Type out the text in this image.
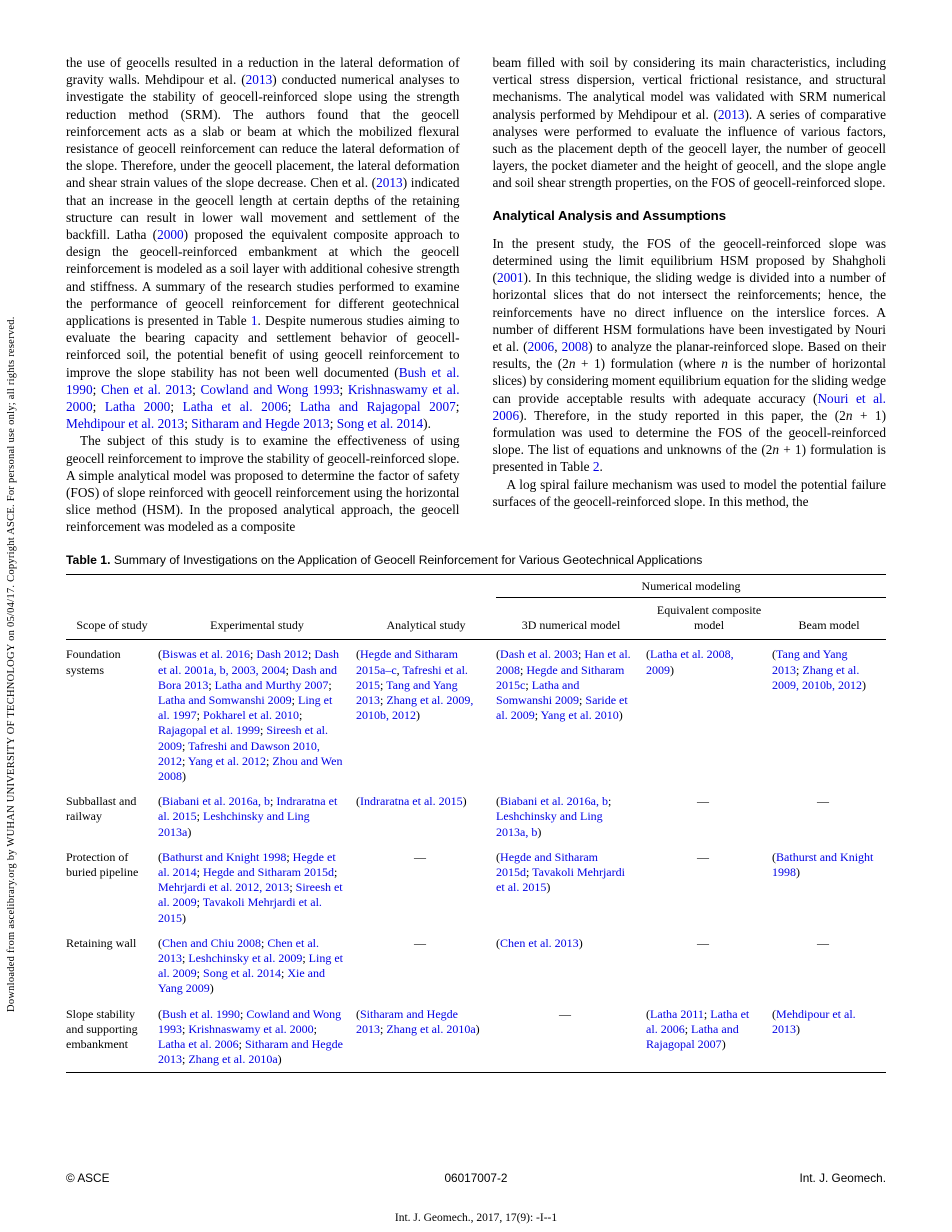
Downloaded from ascelibrary.org by WUHAN UNIVERSITY OF TECHNOLOGY on 05/04/17. Copyright ASCE. For personal use only; all rights reserved.

the use of geocells resulted in a reduction in the lateral deformation of gravity walls. Mehdipour et al. (2013) conducted numerical analyses to investigate the stability of geocell-reinforced slope using the strength reduction method (SRM). The authors found that the geocell reinforcement acts as a slab or beam at which the mobilized flexural resistance of geocell reinforcement can reduce the lateral deformation of the slope. Therefore, under the geocell placement, the lateral deformation and shear strain values of the slope decrease. Chen et al. (2013) indicated that an increase in the geocell length at certain depths of the retaining structure can result in lower wall movement and settlement of the backfill. Latha (2000) proposed the equivalent composite approach to design the geocell-reinforced embankment at which the geocell reinforcement is modeled as a soil layer with additional cohesive strength and stiffness. A summary of the research studies performed to examine the performance of geocell reinforcement for different geotechnical applications is presented in Table 1. Despite numerous studies aiming to evaluate the bearing capacity and settlement behavior of geocell-reinforced soil, the potential benefit of using geocell reinforcement to improve the slope stability has not been well documented (Bush et al. 1990; Chen et al. 2013; Cowland and Wong 1993; Krishnaswamy et al. 2000; Latha 2000; Latha et al. 2006; Latha and Rajagopal 2007; Mehdipour et al. 2013; Sitharam and Hegde 2013; Song et al. 2014).

The subject of this study is to examine the effectiveness of using geocell reinforcement to improve the stability of geocell-reinforced slope. A simple analytical model was proposed to determine the factor of safety (FOS) of slope reinforced with geocell reinforcement using the horizontal slice method (HSM). In the proposed analytical approach, the geocell reinforcement was modeled as a composite

beam filled with soil by considering its main characteristics, including vertical stress dispersion, vertical frictional resistance, and structural mechanisms. The analytical model was validated with SRM numerical analysis performed by Mehdipour et al. (2013). A series of comparative analyses were performed to evaluate the influence of various factors, such as the placement depth of the geocell layer, the number of geocell layers, the pocket diameter and the height of geocell, and the slope angle and soil shear strength properties, on the FOS of geocell-reinforced slope.

Analytical Analysis and Assumptions

In the present study, the FOS of the geocell-reinforced slope was determined using the limit equilibrium HSM proposed by Shahgholi (2001). In this technique, the sliding wedge is divided into a number of horizontal slices that do not intersect the reinforcements; hence, the reinforcements have no direct influence on the interslice forces. A number of different HSM formulations have been investigated by Nouri et al. (2006, 2008) to analyze the planar-reinforced slope. Based on their results, the (2n + 1) formulation (where n is the number of horizontal slices) by considering moment equilibrium equation for the sliding wedge can provide acceptable results with adequate accuracy (Nouri et al. 2006). Therefore, in the study reported in this paper, the (2n + 1) formulation was used to determine the FOS of the geocell-reinforced slope. The list of equations and unknowns of the (2n + 1) formulation is presented in Table 2.

A log spiral failure mechanism was used to model the potential failure surfaces of the geocell-reinforced slope. In this method, the

Table 1. Summary of Investigations on the Application of Geocell Reinforcement for Various Geotechnical Applications
			Numerical modeling		
Scope of study	Experimental study	Analytical study	3D numerical model	Equivalent composite model	Beam model
Foundation systems	(Biswas et al. 2016; Dash 2012; Dash et al. 2001a, b, 2003, 2004; Dash and Bora 2013; Latha and Murthy 2007; Latha and Somwanshi 2009; Ling et al. 1997; Pokharel et al. 2010; Rajagopal et al. 1999; Sireesh et al. 2009; Tafreshi and Dawson 2010, 2012; Yang et al. 2012; Zhou and Wen 2008)	(Hegde and Sitharam 2015a–c, Tafreshi et al. 2015; Tang and Yang 2013; Zhang et al. 2009, 2010b, 2012)	(Dash et al. 2003; Han et al. 2008; Hegde and Sitharam 2015c; Latha and Somwanshi 2009; Saride et al. 2009; Yang et al. 2010)	(Latha et al. 2008, 2009)	(Tang and Yang 2013; Zhang et al. 2009, 2010b, 2012)
Subballast and railway	(Biabani et al. 2016a, b; Indraratna et al. 2015; Leshchinsky and Ling 2013a)	(Indraratna et al. 2015)	(Biabani et al. 2016a, b; Leshchinsky and Ling 2013a, b)	—	—
Protection of buried pipeline	(Bathurst and Knight 1998; Hegde et al. 2014; Hegde and Sitharam 2015d; Mehrjardi et al. 2012, 2013; Sireesh et al. 2009; Tavakoli Mehrjardi et al. 2015)	—	(Hegde and Sitharam 2015d; Tavakoli Mehrjardi et al. 2015)	—	(Bathurst and Knight 1998)
Retaining wall	(Chen and Chiu 2008; Chen et al. 2013; Leshchinsky et al. 2009; Ling et al. 2009; Song et al. 2014; Xie and Yang 2009)	—	(Chen et al. 2013)	—	—
Slope stability and supporting embankment	(Bush et al. 1990; Cowland and Wong 1993; Krishnaswamy et al. 2000; Latha et al. 2006; Sitharam and Hegde 2013; Zhang et al. 2010a)	(Sitharam and Hegde 2013; Zhang et al. 2010a)	—	(Latha 2011; Latha et al. 2006; Latha and Rajagopal 2007)	(Mehdipour et al. 2013)
© ASCE	06017007-2	Int. J. Geomech.
Int. J. Geomech., 2017, 17(9): -I--1
